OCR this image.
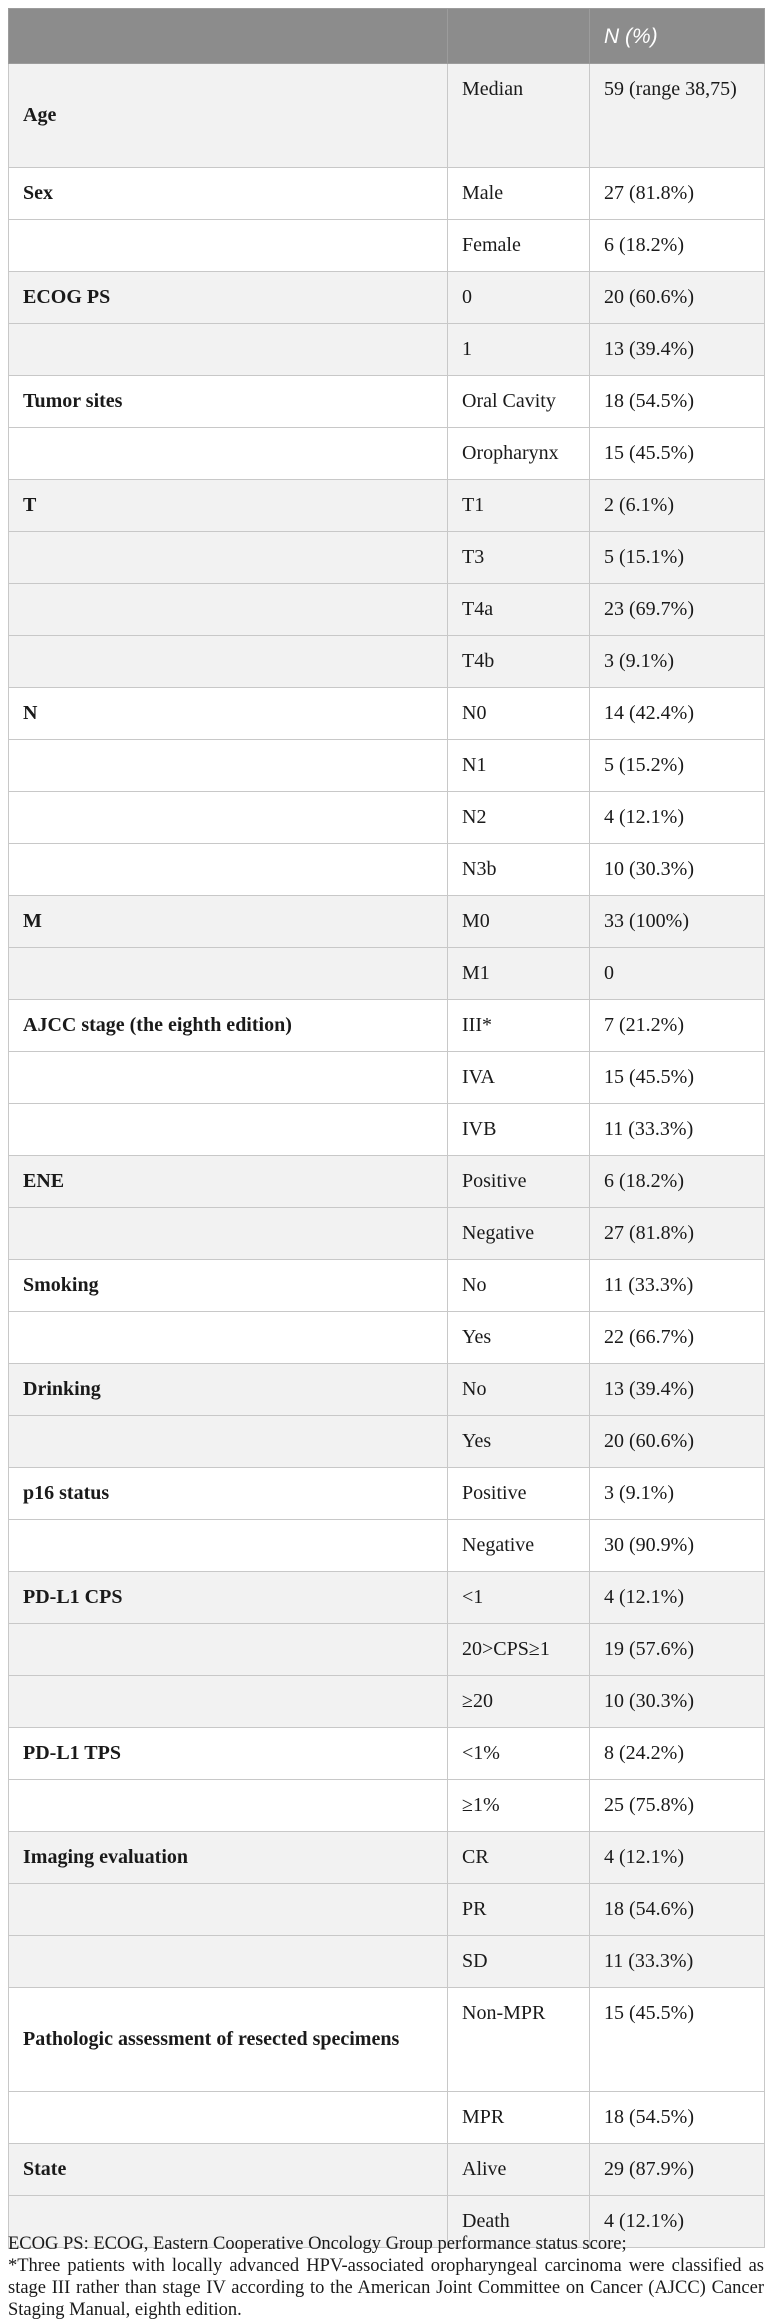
		N (%)
Age	Median	59 (range 38,75)
Sex	Male	27 (81.8%)
	Female	6 (18.2%)
ECOG PS	0	20 (60.6%)
	1	13 (39.4%)
Tumor sites	Oral Cavity	18 (54.5%)
	Oropharynx	15 (45.5%)
T	T1	2 (6.1%)
	T3	5 (15.1%)
	T4a	23 (69.7%)
	T4b	3 (9.1%)
N	N0	14 (42.4%)
	N1	5 (15.2%)
	N2	4 (12.1%)
	N3b	10 (30.3%)
M	M0	33 (100%)
	M1	0
AJCC stage (the eighth edition)	III*	7 (21.2%)
	IVA	15 (45.5%)
	IVB	11 (33.3%)
ENE	Positive	6 (18.2%)
	Negative	27 (81.8%)
Smoking	No	11 (33.3%)
	Yes	22 (66.7%)
Drinking	No	13 (39.4%)
	Yes	20 (60.6%)
p16 status	Positive	3 (9.1%)
	Negative	30 (90.9%)
PD-L1 CPS	<1	4 (12.1%)
	20>CPS≥1	19 (57.6%)
	≥20	10 (30.3%)
PD-L1 TPS	<1%	8 (24.2%)
	≥1%	25 (75.8%)
Imaging evaluation	CR	4 (12.1%)
	PR	18 (54.6%)
	SD	11 (33.3%)
Pathologic assessment of resected specimens	Non-MPR	15 (45.5%)
	MPR	18 (54.5%)
State	Alive	29 (87.9%)
	Death	4 (12.1%)

ECOG PS: ECOG, Eastern Cooperative Oncology Group performance status score;

*Three patients with locally advanced HPV-associated oropharyngeal carcinoma were classified as stage III rather than stage IV according to the American Joint Committee on Cancer (AJCC) Cancer Staging Manual, eighth edition.
